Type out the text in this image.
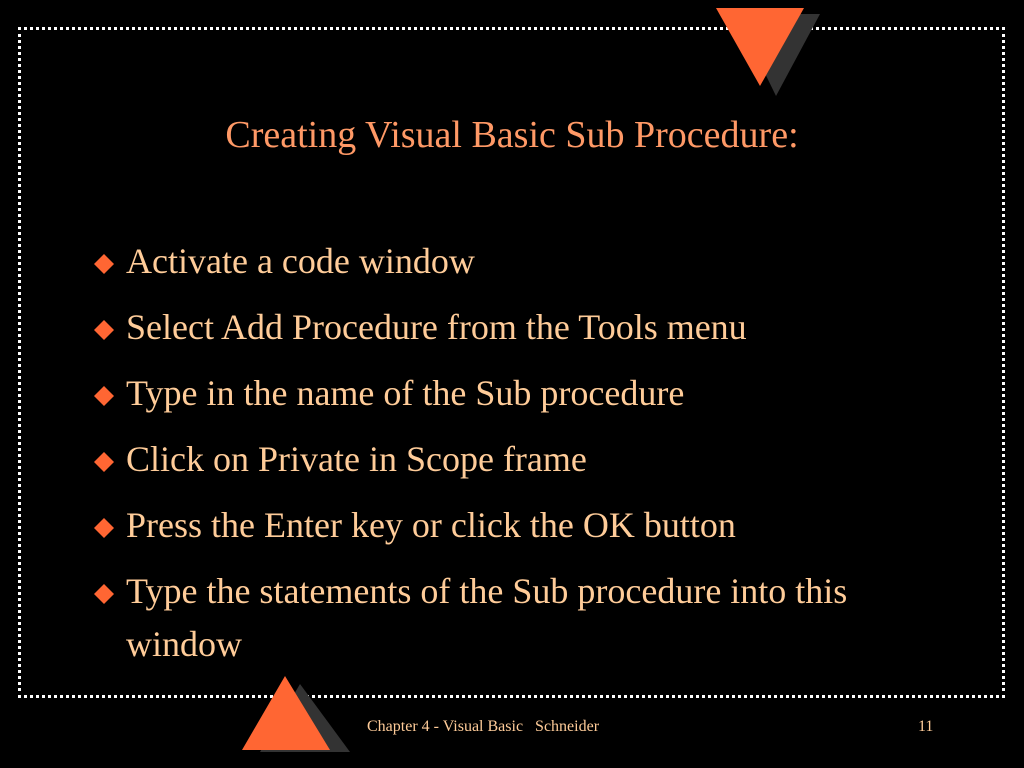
Creating Visual Basic Sub Procedure:
Activate a code window
Select Add Procedure from the Tools menu
Type in the name of the Sub procedure
Click on Private in Scope frame
Press the Enter key or click the OK button
Type the statements of the Sub procedure into this window
Chapter 4 - Visual Basic   Schneider	11
